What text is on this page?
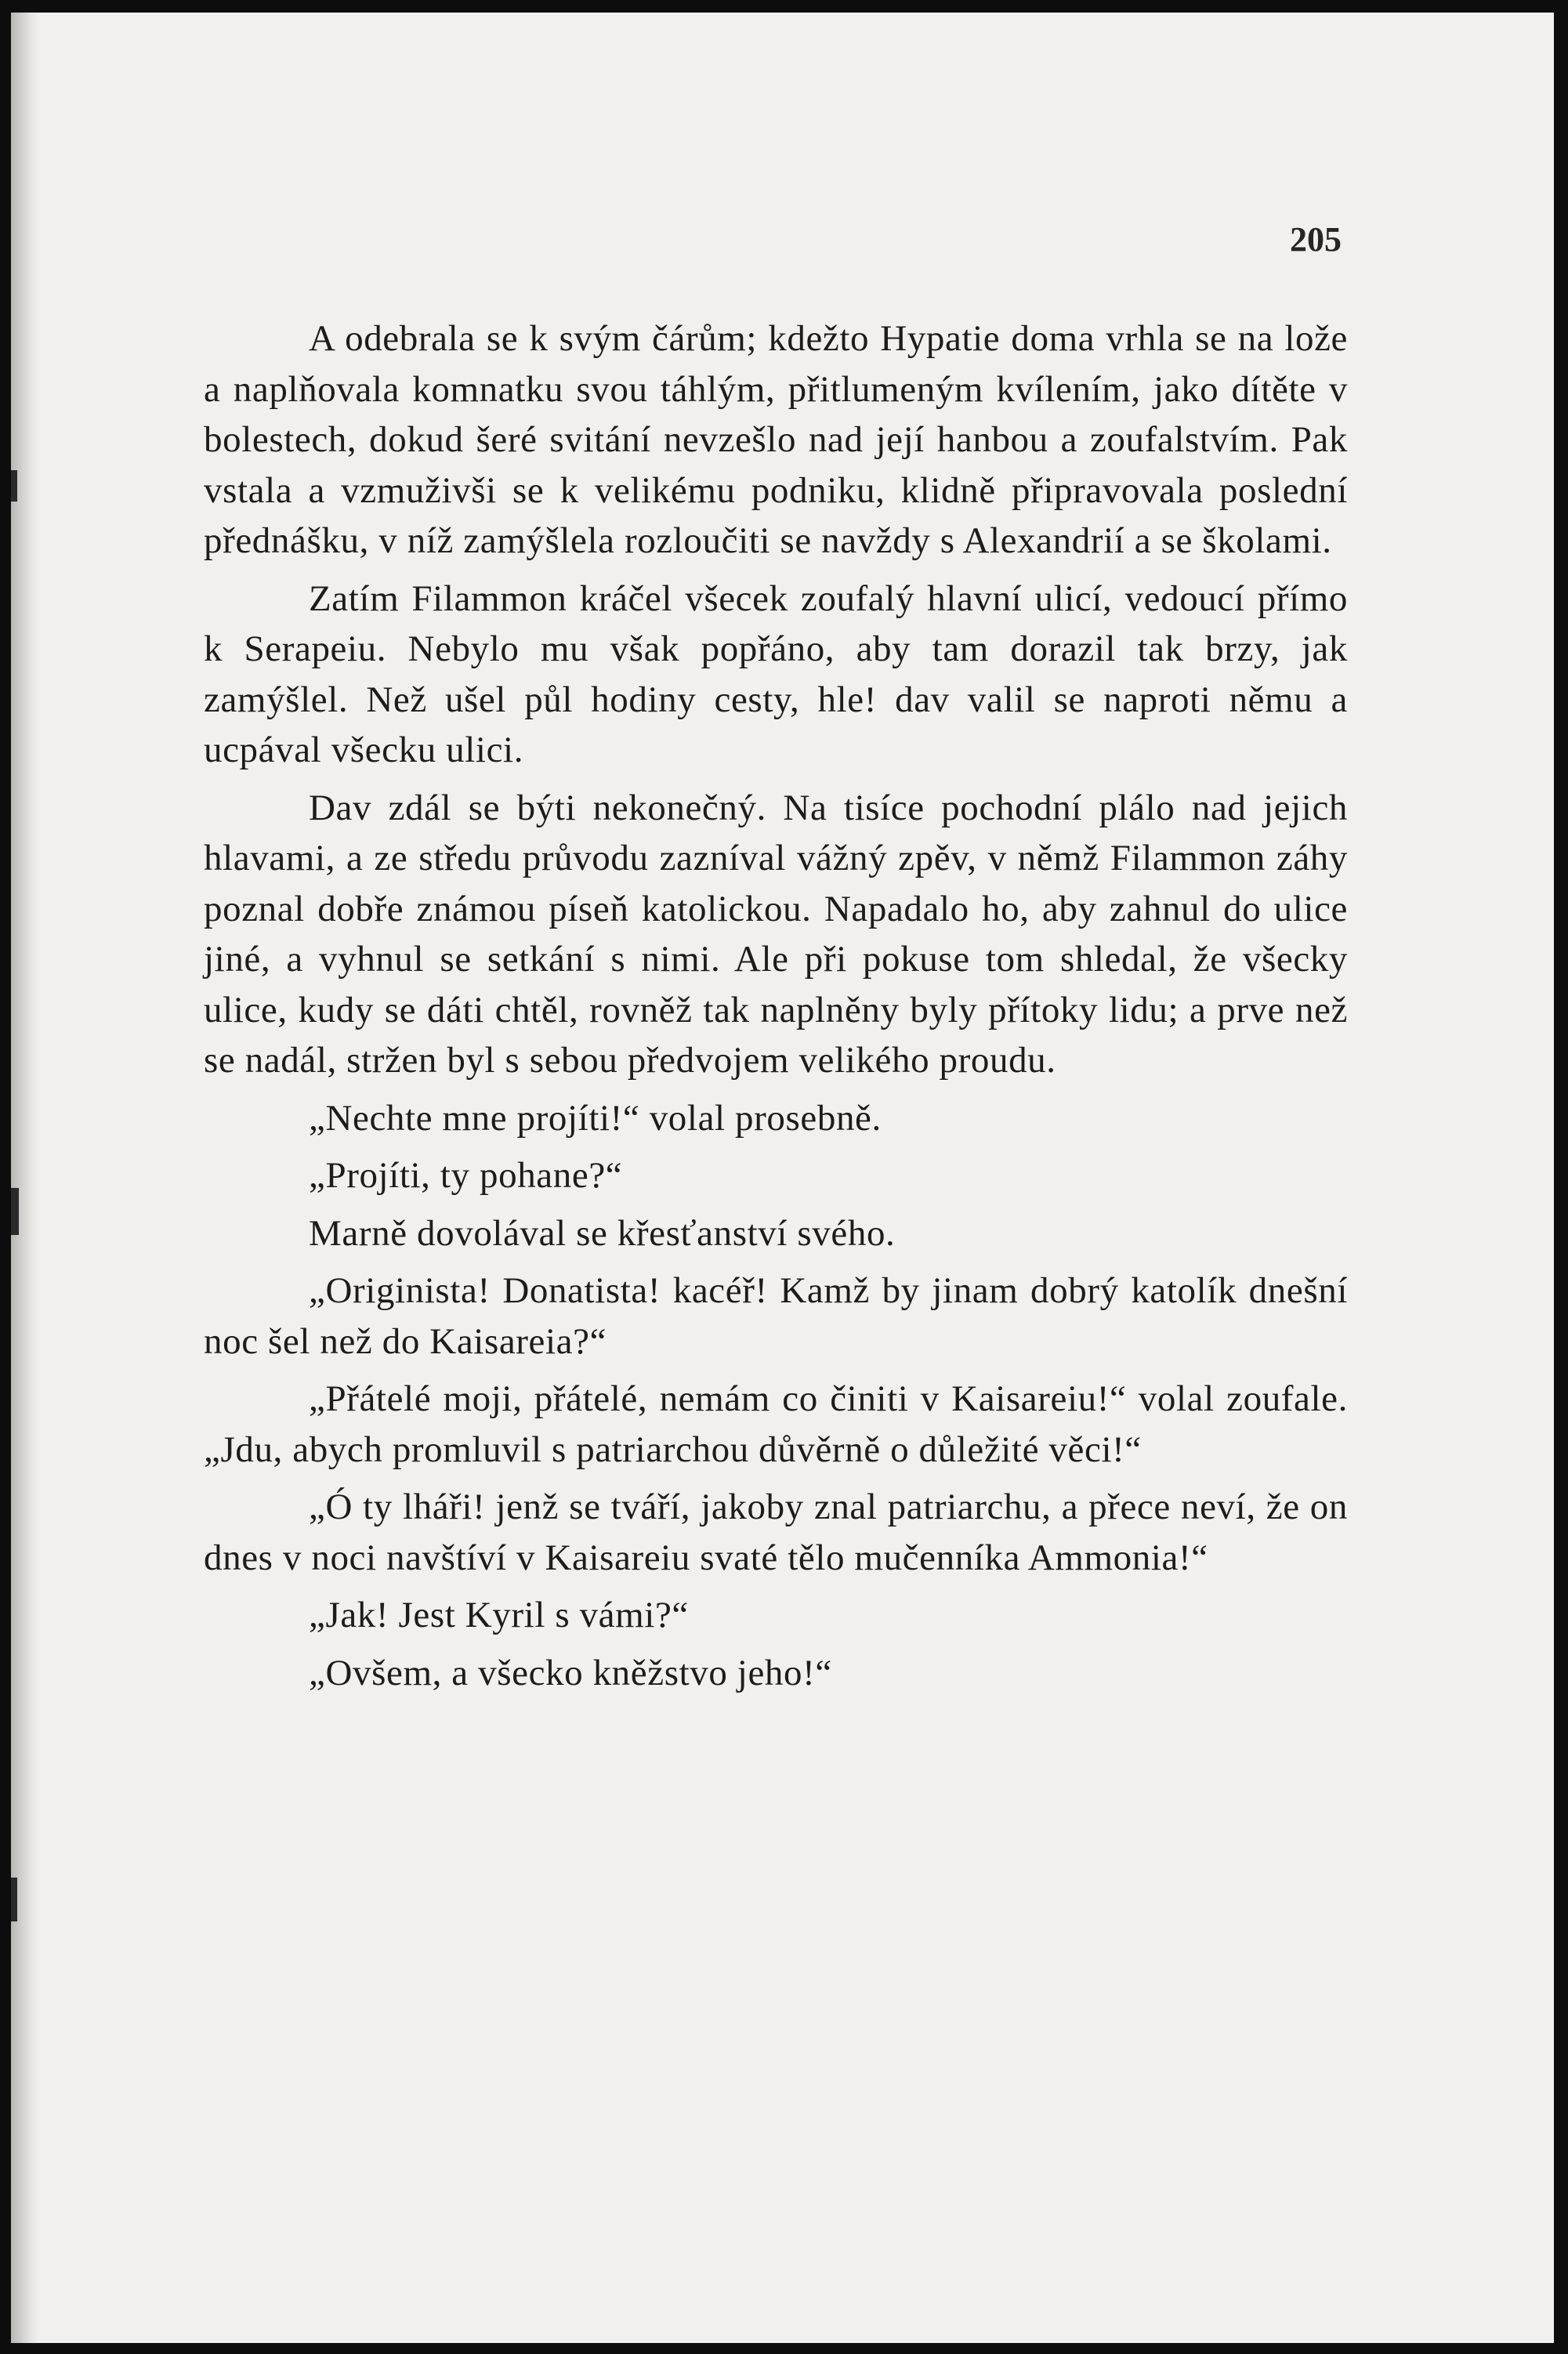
205

A odebrala se k svým čárům; kdežto Hypatie doma vrhla se na lože a naplňovala komnatku svou táhlým, přitlumeným kvílením, jako dítěte v bolestech, dokud šeré svitání nevzešlo nad její hanbou a zoufalstvím. Pak vstala a vzmuživši se k velikému podniku, klidně připravovala poslední přednášku, v níž zamýšlela rozloučiti se navždy s Alexandrií a se školami.

Zatím Filammon kráčel všecek zoufalý hlavní ulicí, vedoucí přímo k Serapeiu. Nebylo mu však popřáno, aby tam dorazil tak brzy, jak zamýšlel. Než ušel půl hodiny cesty, hle! dav valil se naproti němu a ucpával všecku ulici.

Dav zdál se býti nekonečný. Na tisíce pochodní plálo nad jejich hlavami, a ze středu průvodu zazníval vážný zpěv, v němž Filammon záhy poznal dobře známou píseň katolickou. Napadalo ho, aby zahnul do ulice jiné, a vyhnul se setkání s nimi. Ale při pokuse tom shledal, že všecky ulice, kudy se dáti chtěl, rovněž tak naplněny byly přítoky lidu; a prve než se nadál, stržen byl s sebou předvojem velikého proudu.

„Nechte mne projíti!“ volal prosebně.

„Projíti, ty pohane?“

Marně dovolával se křesťanství svého.

„Originista! Donatista! kacéř! Kamž by jinam dobrý katolík dnešní noc šel než do Kaisareia?“

„Přátelé moji, přátelé, nemám co činiti v Kaisareiu!“ volal zoufale. „Jdu, abych promluvil s patriarchou důvěrně o důležité věci!“

„Ó ty lháři! jenž se tváří, jakoby znal patriarchu, a přece neví, že on dnes v noci navštíví v Kaisareiu svaté tělo mučenníka Ammonia!“

„Jak! Jest Kyril s vámi?“

„Ovšem, a všecko kněžstvo jeho!“
